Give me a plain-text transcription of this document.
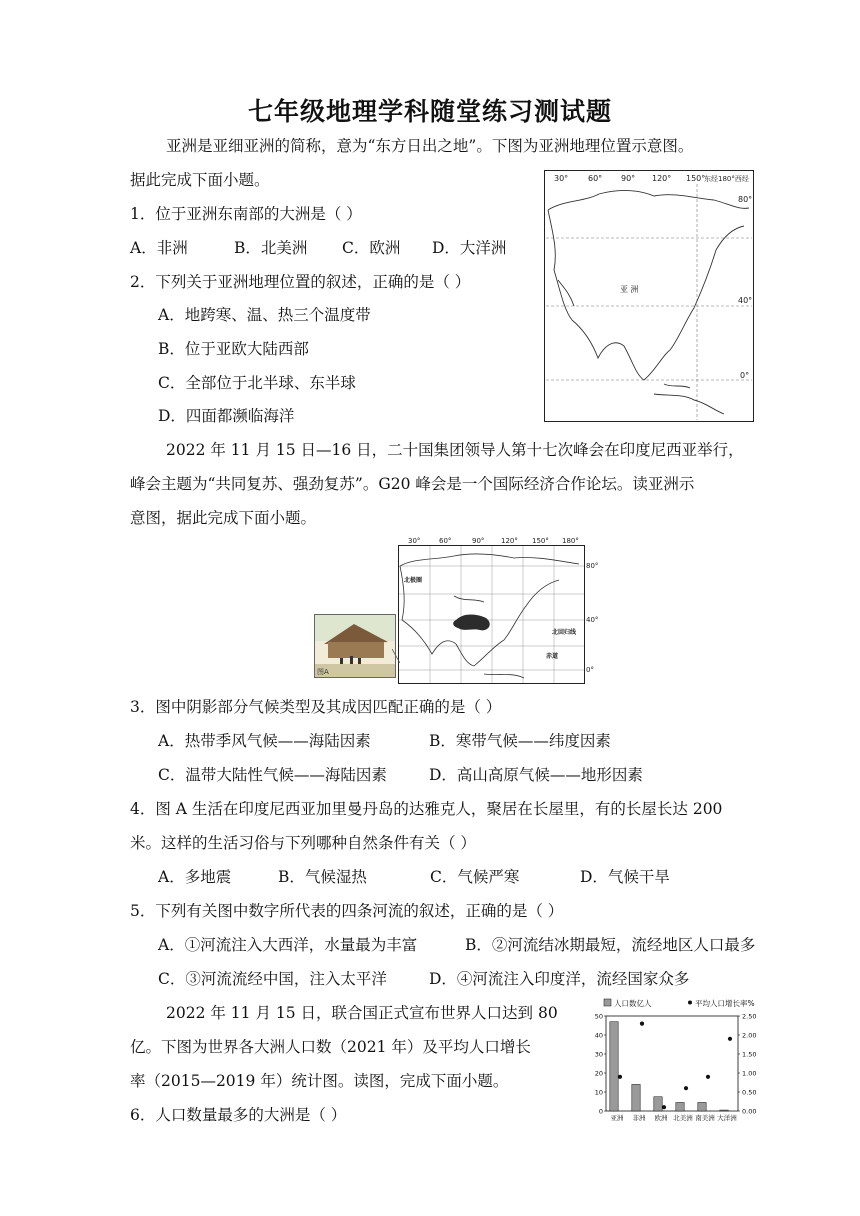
七年级地理学科随堂练习测试题
亚洲是亚细亚洲的简称，意为“东方日出之地”。下图为亚洲地理位置示意图。
据此完成下面小题。	30° 60° 90° 120° 150°
东经180°西经
80°
40°
0°
亚 洲
1．位于亚洲东南部的大洲是（ ）
A．非洲	B．北美洲 C．欧洲 D．大洋洲
2．下列关于亚洲地理位置的叙述，正确的是（ ）
A．地跨寒、温、热三个温度带
B．位于亚欧大陆西部
C．全部位于北半球、东半球
D．四面都濒临海洋
2022 年 11 月 15 日—16 日，二十国集团领导人第十七次峰会在印度尼西亚举行，
峰会主题为“共同复苏、强劲复苏”。G20 峰会是一个国际经济合作论坛。读亚洲示
意图，据此完成下面小题。
图A
30°	60°	90° 120° 150° 180°
80°
40°
0°
北极圈
北回归线
赤道
3．图中阴影部分气候类型及其成因匹配正确的是（ ）
A．热带季风气候——海陆因素	B．寒带气候——纬度因素
C．温带大陆性气候——海陆因素	D．高山高原气候——地形因素
4．图 A 生活在印度尼西亚加里曼丹岛的达雅克人，聚居在长屋里，有的长屋长达 200
米。这样的生活习俗与下列哪种自然条件有关（ ）
A．多地震	B．气候湿热	C．气候严寒	D．气候干旱
5．下列有关图中数字所代表的四条河流的叙述，正确的是（ ）
A．①河流注入大西洋，水量最为丰富	B．②河流结冰期最短，流经地区人口最多
C．③河流流经中国，注入太平洋	D．④河流注入印度洋，流经国家众多
2022 年 11 月 15 日，联合国正式宣布世界人口达到 80
亿。下图为世界各大洲人口数（2021 年）及平均人口增长
率（2015—2019 年）统计图。读图，完成下面小题。
6．人口数量最多的大洲是（ ）
人口数亿人	平均人口增长率%
0
10
20
30
40
50
0.00
0.50
1.00
1.50
2.00
2.50
亚洲 非洲 欧洲 北美洲 南美洲 大洋洲
